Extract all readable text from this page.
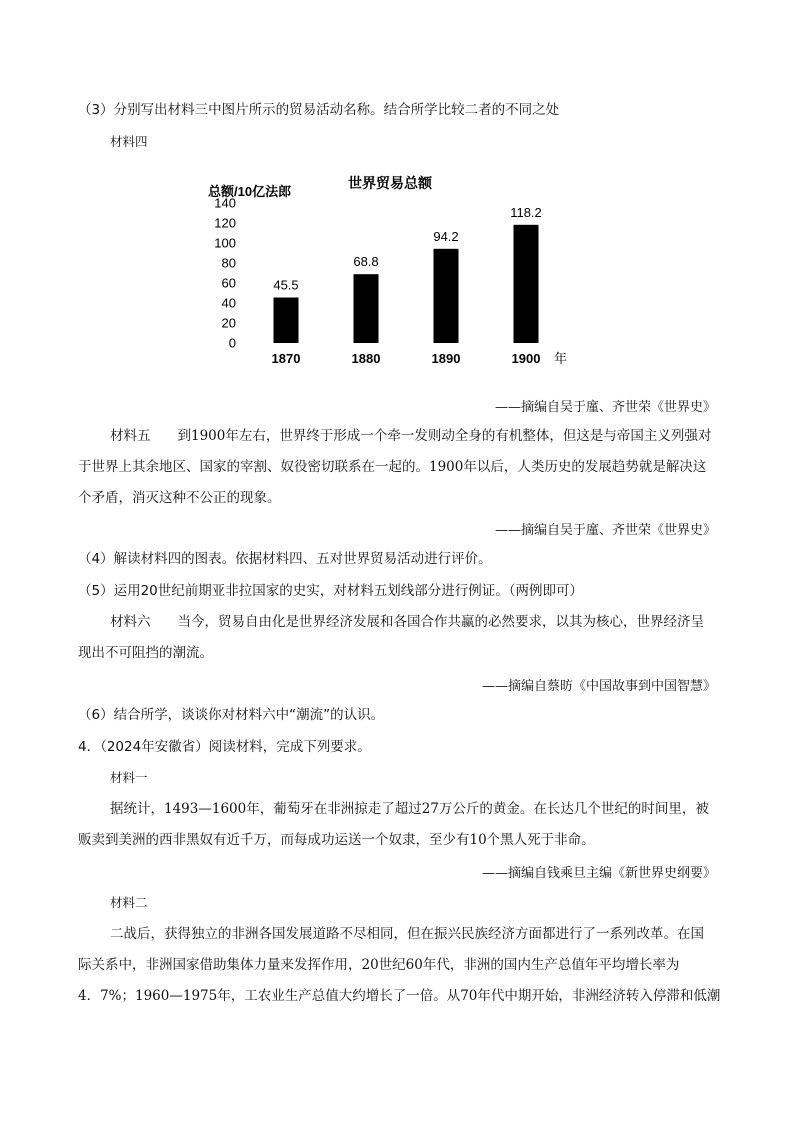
（3）分别写出材料三中图片所示的贸易活动名称。结合所学比较二者的不同之处
材料四
世界贸易总额
总额/10亿法郎
0
20
40
60
80
100
120
140
45.5
68.8
94.2
118.2
1870	1880	1890	1900 年
——摘编自吴于廑、齐世荣《世界史》
材料五　　到1900年左右，世界终于形成一个牵一发则动全身的有机整体，但这是与帝国主义列强对
于世界上其余地区、国家的宰割、奴役密切联系在一起的。1900年以后，人类历史的发展趋势就是解决这
个矛盾，消灭这种不公正的现象。
——摘编自吴于廑、齐世荣《世界史》
（4）解读材料四的图表。依据材料四、五对世界贸易活动进行评价。
（5）运用20世纪前期亚非拉国家的史实，对材料五划线部分进行例证。（两例即可）
材料六　　当今，贸易自由化是世界经济发展和各国合作共赢的必然要求，以其为核心，世界经济呈
现出不可阻挡的潮流。
——摘编自蔡昉《中国故事到中国智慧》
（6）结合所学，谈谈你对材料六中“潮流”的认识。
4．（2024年安徽省）阅读材料，完成下列要求。
材料一
据统计，1493—1600年，葡萄牙在非洲掠走了超过27万公斤的黄金。在长达几个世纪的时间里，被
贩卖到美洲的西非黑奴有近千万，而每成功运送一个奴隶，至少有10个黑人死于非命。
——摘编自钱乘旦主编《新世界史纲要》
材料二
二战后，获得独立的非洲各国发展道路不尽相同，但在振兴民族经济方面都进行了一系列改革。在国
际关系中，非洲国家借助集体力量来发挥作用，20世纪60年代，非洲的国内生产总值年平均增长率为
4．7%；1960—1975年，工农业生产总值大约增长了一倍。从70年代中期开始，非洲经济转入停滞和低潮
